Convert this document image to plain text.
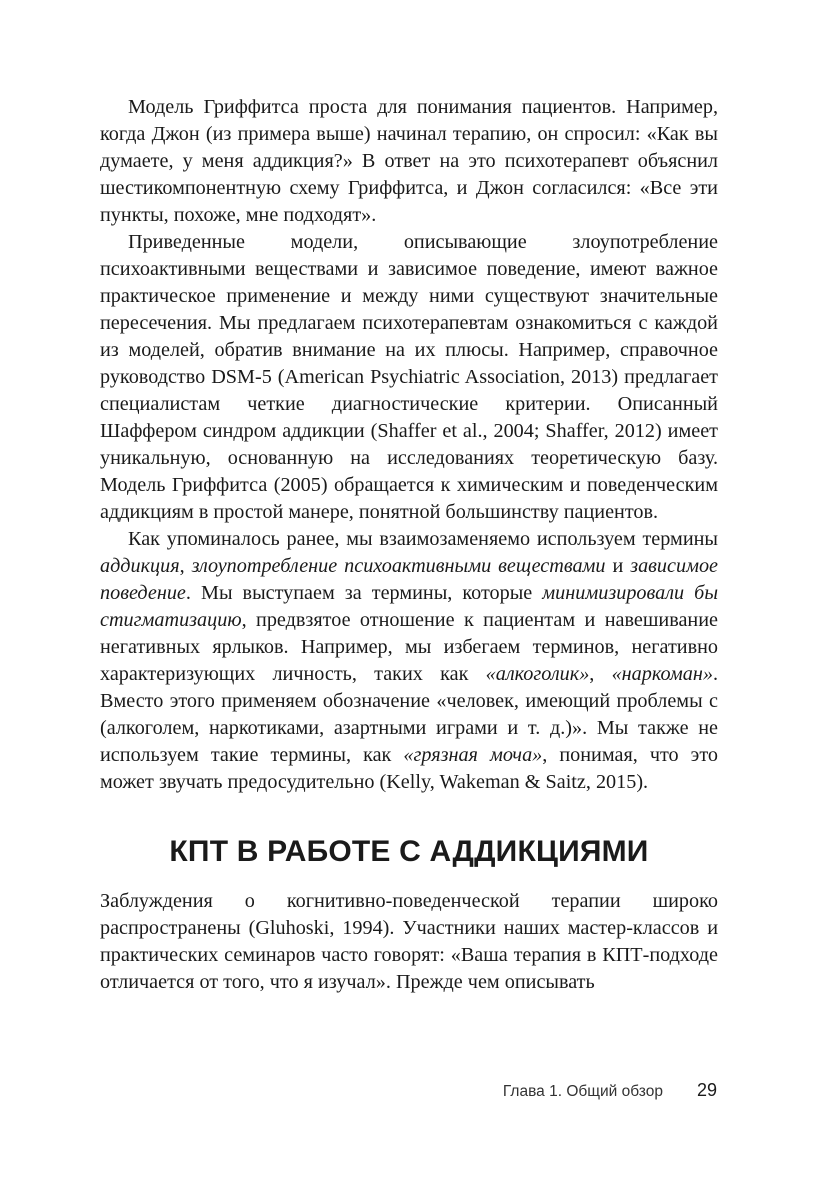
Модель Гриффитса проста для понимания пациентов. Например, когда Джон (из примера выше) начинал терапию, он спросил: «Как вы думаете, у меня аддикция?» В ответ на это психотерапевт объяснил шестикомпонентную схему Гриффитса, и Джон согласился: «Все эти пункты, похоже, мне подходят».

Приведенные модели, описывающие злоупотребление психоактивными веществами и зависимое поведение, имеют важное практическое применение и между ними существуют значительные пересечения. Мы предлагаем психотерапевтам ознакомиться с каждой из моделей, обратив внимание на их плюсы. Например, справочное руководство DSM-5 (American Psychiatric Association, 2013) предлагает специалистам четкие диагностические критерии. Описанный Шаффером синдром аддикции (Shaffer et al., 2004; Shaffer, 2012) имеет уникальную, основанную на исследованиях теоретическую базу. Модель Гриффитса (2005) обращается к химическим и поведенческим аддикциям в простой манере, понятной большинству пациентов.

Как упоминалось ранее, мы взаимозаменяемо используем термины аддикция, злоупотребление психоактивными веществами и зависимое поведение. Мы выступаем за термины, которые минимизировали бы стигматизацию, предвзятое отношение к пациентам и навешивание негативных ярлыков. Например, мы избегаем терминов, негативно характеризующих личность, таких как «алкоголик», «наркоман». Вместо этого применяем обозначение «человек, имеющий проблемы с (алкоголем, наркотиками, азартными играми и т. д.)». Мы также не используем такие термины, как «грязная моча», понимая, что это может звучать предосудительно (Kelly, Wakeman & Saitz, 2015).

КПТ В РАБОТЕ С АДДИКЦИЯМИ

Заблуждения о когнитивно-поведенческой терапии широко распространены (Gluhoski, 1994). Участники наших мастер-классов и практических семинаров часто говорят: «Ваша терапия в КПТ-подходе отличается от того, что я изучал». Прежде чем описывать

Глава 1. Общий обзор 29
